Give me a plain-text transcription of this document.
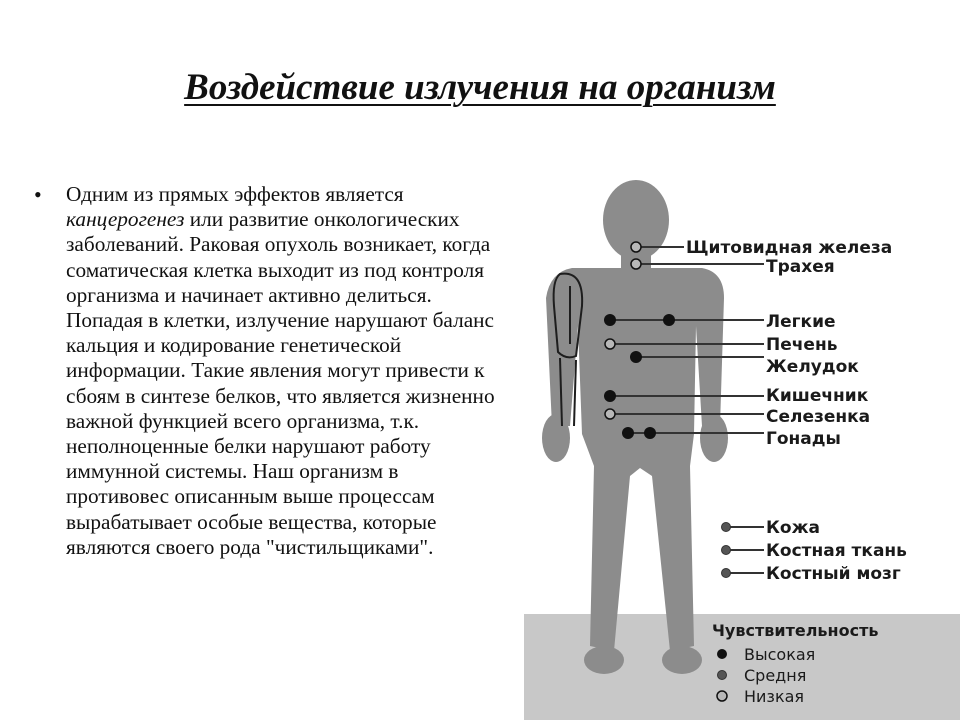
Воздействие излучения на организм
• Одним из прямых эффектов является канцерогенез или развитие онкологических заболеваний. Раковая опухоль возникает, когда соматическая клетка выходит из под контроля организма и начинает активно делиться. Попадая в клетки, излучение нарушают баланс кальция и кодирование генетической информации. Такие явления могут привести к сбоям в синтезе белков, что является жизненно важной функцией всего организма, т.к. неполноценные белки нарушают работу иммунной системы. Наш организм в противовес описанным выше процессам вырабатывает особые вещества, которые являются своего рода "чистильщиками".
Щитовидная железа
Трахея
Легкие
Печень
Желудок
Кишечник
Селезенка
Гонады
Кожа
Костная ткань
Костный мозг
Чувствительность
Высокая
Средня
Низкая
